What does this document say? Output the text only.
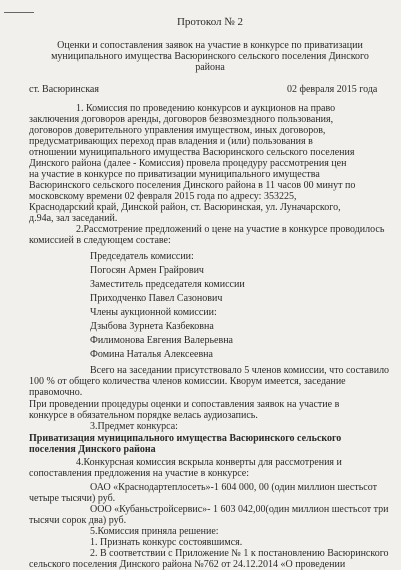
Протокол № 2
Оценки и сопоставления заявок на участие в конкурсе по приватизации
муниципального имущества Васюринского сельского поселения Динского
района
ст. Васюринская	02 февраля 2015 года
1. Комиссия по проведению конкурсов и аукционов на право
заключения договоров аренды, договоров безвозмездного пользования,
договоров доверительного управления имуществом, иных договоров,
предусматривающих переход прав владения и (или) пользования в
отношении муниципального имущества Васюринского сельского поселения
Динского района (далее - Комиссия) провела процедуру рассмотрения цен
на участие в конкурсе по приватизации муниципального имущества
Васюринского сельского поселения Динского района в 11 часов 00 минут по
московскому времени 02 февраля 2015 года по адресу: 353225,
Краснодарский край, Динской район, ст. Васюринская, ул. Луначарского,
д.94а, зал заседаний.
2.Рассмотрение предложений о цене на участие в конкурсе проводилось
комиссией в следующем составе:
Председатель комиссии:
Погосян Армен Грайрович
Заместитель председателя комиссии
Приходченко Павел Сазонович
Члены аукционной комиссии:
Дзыбова Зурнета Казбековна
Филимонова Евгения Валерьевна
Фомина Наталья Алексеевна
Всего на заседании присутствовало 5 членов комиссии, что составило
100 % от общего количества членов комиссии. Кворум имеется, заседание
правомочно.
При проведении процедуры оценки и сопоставления заявок на участие в
конкурсе в обязательном порядке велась аудиозапись.
3.Предмет конкурса:
Приватизация муниципального имущества Васюринского сельского
поселения Динского района
4.Конкурсная комиссия вскрыла конверты для рассмотрения и
сопоставления предложения на участие в конкурсе:
ОАО «Краснодартеплосеть»-1 604 000, 00 (один миллион шестьсот
четыре тысячи) руб.
ООО «Кубаньстройсервис»- 1 603 042,00(один миллион шестьсот три
тысячи сорок два) руб.
5.Комиссия приняла решение:
1. Признать конкурс состоявшимся.
2. В соответствии с Приложение № 1 к постановлению Васюринского
сельского поселения Динского района №762 от 24.12.2014 «О проведении
